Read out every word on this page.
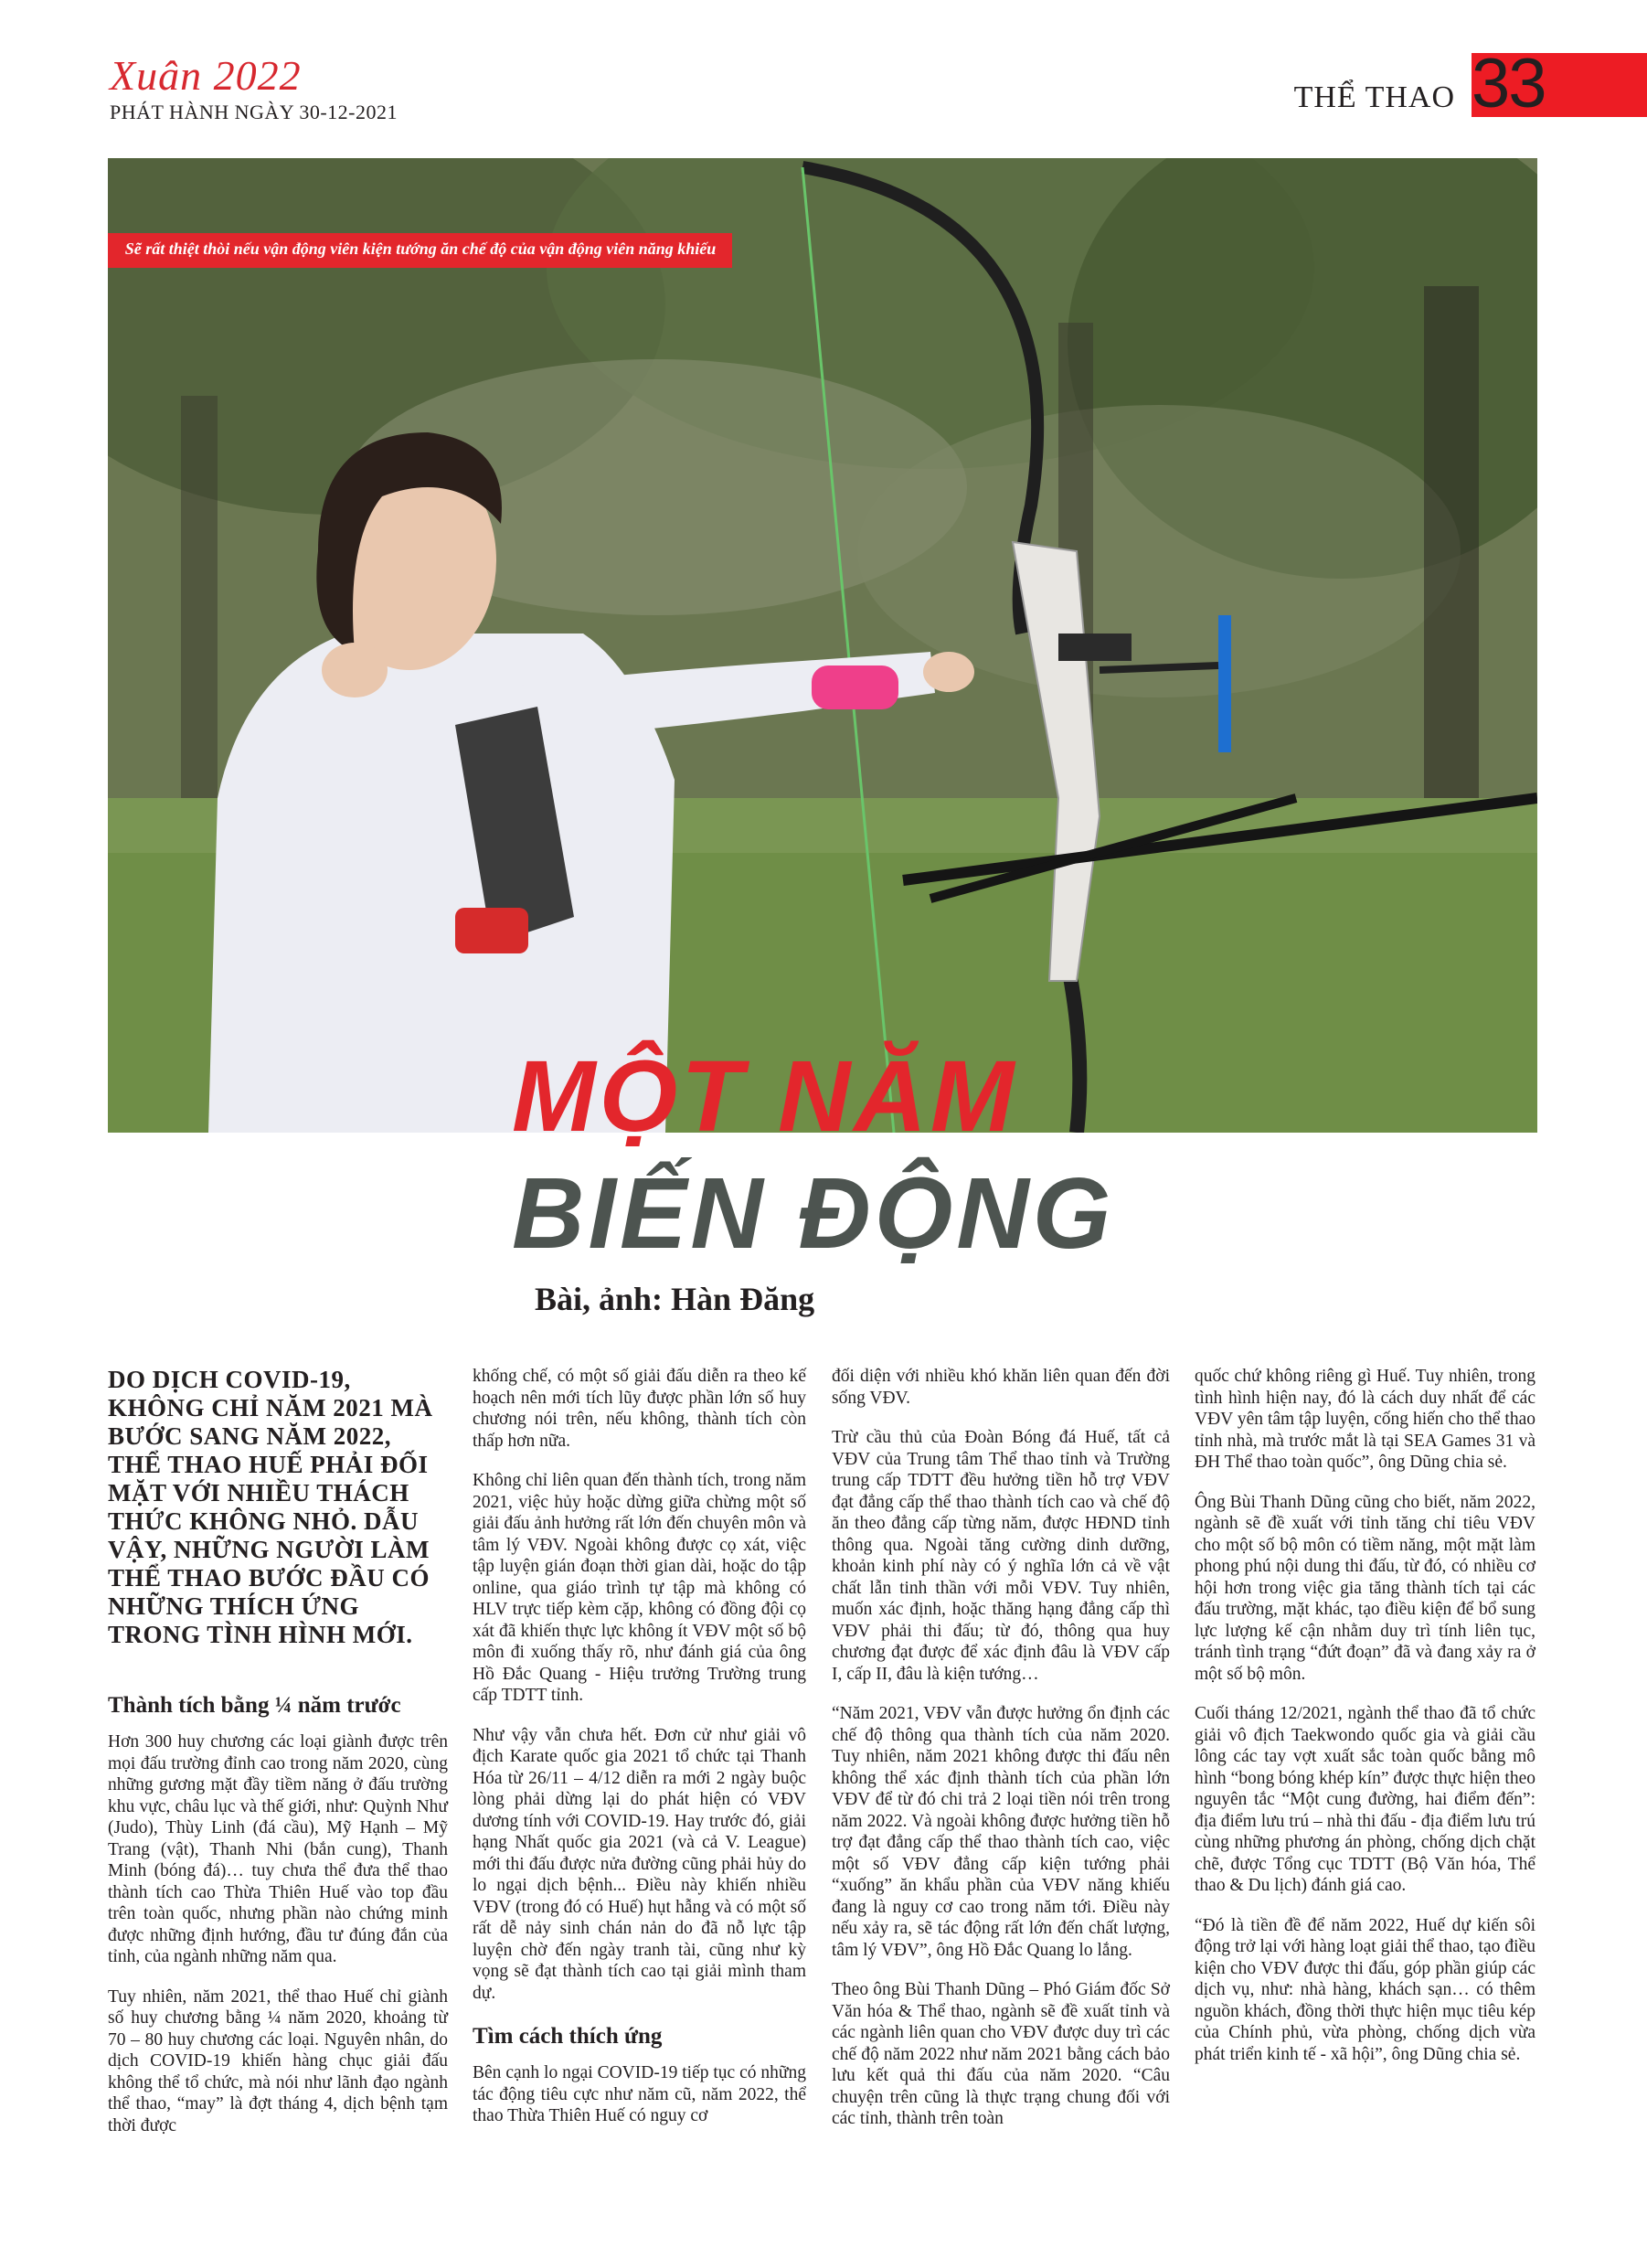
Xuân 2022
PHÁT HÀNH NGÀY 30-12-2021	THỂ THAO 33
Sẽ rất thiệt thòi nếu vận động viên kiện tướng ăn chế độ của vận động viên năng khiếu
MỘT NĂM
BIẾN ĐỘNG
Bài, ảnh: Hàn Đăng
DO DỊCH COVID-19, KHÔNG CHỈ NĂM 2021 MÀ BƯỚC SANG NĂM 2022, THỂ THAO HUẾ PHẢI ĐỐI MẶT VỚI NHIỀU THÁCH THỨC KHÔNG NHỎ. DẪU VẬY, NHỮNG NGƯỜI LÀM THỂ THAO BƯỚC ĐẦU CÓ NHỮNG THÍCH ỨNG TRONG TÌNH HÌNH MỚI.
Thành tích bằng ¼ năm trước

Hơn 300 huy chương các loại giành được trên mọi đấu trường đỉnh cao trong năm 2020, cùng những gương mặt đầy tiềm năng ở đấu trường khu vực, châu lục và thế giới, như: Quỳnh Như (Judo), Thùy Linh (đá cầu), Mỹ Hạnh – Mỹ Trang (vật), Thanh Nhi (bắn cung), Thanh Minh (bóng đá)… tuy chưa thể đưa thể thao thành tích cao Thừa Thiên Huế vào top đầu trên toàn quốc, nhưng phần nào chứng minh được những định hướng, đầu tư đúng đắn của tỉnh, của ngành những năm qua.

Tuy nhiên, năm 2021, thể thao Huế chỉ giành số huy chương bằng ¼ năm 2020, khoảng từ 70 – 80 huy chương các loại. Nguyên nhân, do dịch COVID-19 khiến hàng chục giải đấu không thể tổ chức, mà nói như lãnh đạo ngành thể thao, “may” là đợt tháng 4, dịch bệnh tạm thời được

khống chế, có một số giải đấu diễn ra theo kế hoạch nên mới tích lũy được phần lớn số huy chương nói trên, nếu không, thành tích còn thấp hơn nữa.

Không chỉ liên quan đến thành tích, trong năm 2021, việc hủy hoặc dừng giữa chừng một số giải đấu ảnh hưởng rất lớn đến chuyên môn và tâm lý VĐV. Ngoài không được cọ xát, việc tập luyện gián đoạn thời gian dài, hoặc do tập online, qua giáo trình tự tập mà không có HLV trực tiếp kèm cặp, không có đồng đội cọ xát đã khiến thực lực không ít VĐV một số bộ môn đi xuống thấy rõ, như đánh giá của ông Hồ Đắc Quang - Hiệu trưởng Trường trung cấp TDTT tỉnh.

Như vậy vẫn chưa hết. Đơn cử như giải vô địch Karate quốc gia 2021 tổ chức tại Thanh Hóa từ 26/11 – 4/12 diễn ra mới 2 ngày buộc lòng phải dừng lại do phát hiện có VĐV dương tính với COVID-19. Hay trước đó, giải hạng Nhất quốc gia 2021 (và cả V. League) mới thi đấu được nửa đường cũng phải hủy do lo ngại dịch bệnh... Điều này khiến nhiều VĐV (trong đó có Huế) hụt hẫng và có một số rất dễ nảy sinh chán nản do đã nỗ lực tập luyện chờ đến ngày tranh tài, cũng như kỳ vọng sẽ đạt thành tích cao tại giải mình tham dự.

Tìm cách thích ứng

Bên cạnh lo ngại COVID-19 tiếp tục có những tác động tiêu cực như năm cũ, năm 2022, thể thao Thừa Thiên Huế có nguy cơ

đối diện với nhiều khó khăn liên quan đến đời sống VĐV.

Trừ cầu thủ của Đoàn Bóng đá Huế, tất cả VĐV của Trung tâm Thể thao tỉnh và Trường trung cấp TDTT đều hưởng tiền hỗ trợ VĐV đạt đẳng cấp thể thao thành tích cao và chế độ ăn theo đẳng cấp từng năm, được HĐND tỉnh thông qua. Ngoài tăng cường dinh dưỡng, khoản kinh phí này có ý nghĩa lớn cả về vật chất lẫn tinh thần với mỗi VĐV. Tuy nhiên, muốn xác định, hoặc thăng hạng đẳng cấp thì VĐV phải thi đấu; từ đó, thông qua huy chương đạt được để xác định đâu là VĐV cấp I, cấp II, đâu là kiện tướng…

“Năm 2021, VĐV vẫn được hưởng ổn định các chế độ thông qua thành tích của năm 2020. Tuy nhiên, năm 2021 không được thi đấu nên không thể xác định thành tích của phần lớn VĐV để từ đó chi trả 2 loại tiền nói trên trong năm 2022. Và ngoài không được hưởng tiền hỗ trợ đạt đẳng cấp thể thao thành tích cao, việc một số VĐV đẳng cấp kiện tướng phải “xuống” ăn khẩu phần của VĐV năng khiếu đang là nguy cơ cao trong năm tới. Điều này nếu xảy ra, sẽ tác động rất lớn đến chất lượng, tâm lý VĐV”, ông Hồ Đắc Quang lo lắng.

Theo ông Bùi Thanh Dũng – Phó Giám đốc Sở Văn hóa & Thể thao, ngành sẽ đề xuất tỉnh và các ngành liên quan cho VĐV được duy trì các chế độ năm 2022 như năm 2021 bằng cách bảo lưu kết quả thi đấu của năm 2020. “Câu chuyện trên cũng là thực trạng chung đối với các tỉnh, thành trên toàn

quốc chứ không riêng gì Huế. Tuy nhiên, trong tình hình hiện nay, đó là cách duy nhất để các VĐV yên tâm tập luyện, cống hiến cho thể thao tỉnh nhà, mà trước mắt là tại SEA Games 31 và ĐH Thể thao toàn quốc”, ông Dũng chia sẻ.

Ông Bùi Thanh Dũng cũng cho biết, năm 2022, ngành sẽ đề xuất với tỉnh tăng chỉ tiêu VĐV cho một số bộ môn có tiềm năng, một mặt làm phong phú nội dung thi đấu, từ đó, có nhiều cơ hội hơn trong việc gia tăng thành tích tại các đấu trường, mặt khác, tạo điều kiện để bổ sung lực lượng kế cận nhằm duy trì tính liên tục, tránh tình trạng “đứt đoạn” đã và đang xảy ra ở một số bộ môn.

Cuối tháng 12/2021, ngành thể thao đã tổ chức giải vô địch Taekwondo quốc gia và giải cầu lông các tay vợt xuất sắc toàn quốc bằng mô hình “bong bóng khép kín” được thực hiện theo nguyên tắc “Một cung đường, hai điểm đến”: địa điểm lưu trú – nhà thi đấu - địa điểm lưu trú cùng những phương án phòng, chống dịch chặt chẽ, được Tổng cục TDTT (Bộ Văn hóa, Thể thao & Du lịch) đánh giá cao.

“Đó là tiền đề để năm 2022, Huế dự kiến sôi động trở lại với hàng loạt giải thể thao, tạo điều kiện cho VĐV được thi đấu, góp phần giúp các dịch vụ, như: nhà hàng, khách sạn… có thêm nguồn khách, đồng thời thực hiện mục tiêu kép của Chính phủ, vừa phòng, chống dịch vừa phát triển kinh tế - xã hội”, ông Dũng chia sẻ.
